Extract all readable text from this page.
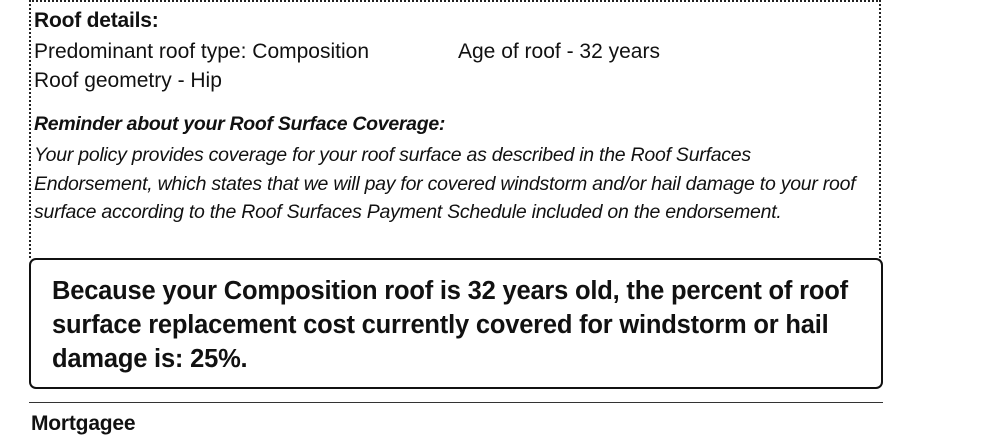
Roof details:
Predominant roof type: Composition	Age of roof - 32 years
Roof geometry - Hip
Reminder about your Roof Surface Coverage:
Your policy provides coverage for your roof surface as described in the Roof Surfaces Endorsement, which states that we will pay for covered windstorm and/or hail damage to your roof surface according to the Roof Surfaces Payment Schedule included on the endorsement.
Because your Composition roof is 32 years old, the percent of roof surface replacement cost currently covered for windstorm or hail damage is: 25%.
Mortgagee
